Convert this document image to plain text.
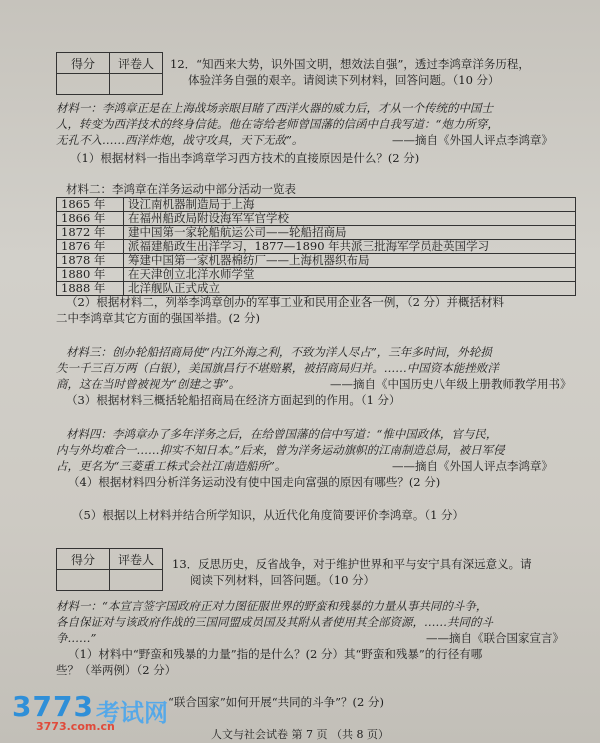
得分	评卷人
	12．“知西来大势，识外国文明，想效法自强”，透过李鸿章洋务历程，
体验洋务自强的艰辛。请阅读下列材料，回答问题。（10 分）
材料一：李鸿章正是在上海战场亲眼目睹了西洋火器的威力后，才从一个传统的中国士
人，转变为西洋技术的终身信徒。他在寄给老师曾国藩的信函中自我写道：“炮力所穿，
无孔不入……西洋炸炮，战守攻具，天下无敌”。	——摘自《外国人评点李鸿章》
（1）根据材料一指出李鸿章学习西方技术的直接原因是什么？(2 分)
材料二：李鸿章在洋务运动中部分活动一览表
1865 年	设江南机器制造局于上海
1866 年	在福州船政局附设海军军官学校
1872 年	建中国第一家轮船航运公司——轮船招商局
1876 年	派福建船政生出洋学习，1877—1890 年共派三批海军学员赴英国学习
1878 年	筹建中国第一家机器棉纺厂——上海机器织布局
1880 年	在天津创立北洋水师学堂
1888 年	北洋舰队正式成立
（2）根据材料二，列举李鸿章创办的军事工业和民用企业各一例，（2 分）并概括材料
二中李鸿章其它方面的强国举措。(2 分)
材料三：创办轮船招商局使“内江外海之利，不致为洋人尽占”，三年多时间，外轮损
失一千三百万两（白银），美国旗昌行不堪赔累，被招商局归并。……中国资本能挫败洋
商，这在当时曾被视为“创建之事”。	——摘自《中国历史八年级上册教师教学用书》
（3）根据材料三概括轮船招商局在经济方面起到的作用。（1 分）
材料四：李鸿章办了多年洋务之后，在给曾国藩的信中写道：“惟中国政体，官与民，
内与外均难合一……抑实不知日本。”后来，曾为洋务运动旗帜的江南制造总局，被日军侵
占，更名为“三菱重工株式会社江南造船所”。	——摘自《外国人评点李鸿章》
（4）根据材料四分析洋务运动没有使中国走向富强的原因有哪些？(2 分)
（5）根据以上材料并结合所学知识，从近代化角度简要评价李鸿章。（1 分）
得分	评卷人
	13．反思历史，反省战争，对于维护世界和平与安宁具有深远意义。请
阅读下列材料，回答问题。（10 分）
材料一：“本宣言签字国政府正对力图征服世界的野蛮和残暴的力量从事共同的斗争，
各自保证对与该政府作战的三国同盟成员国及其附从者使用其全部资源，……共同的斗
争……”	——摘自《联合国家宣言》
（1）材料中“野蛮和残暴的力量”指的是什么？(2 分）其“野蛮和残暴”的行径有哪
些？（举两例）（2 分）
“联合国家”如何开展“共同的斗争”？(2 分)
3773 考试网
3773.com.cn
人文与社会试卷 第 7 页 （共 8 页）
